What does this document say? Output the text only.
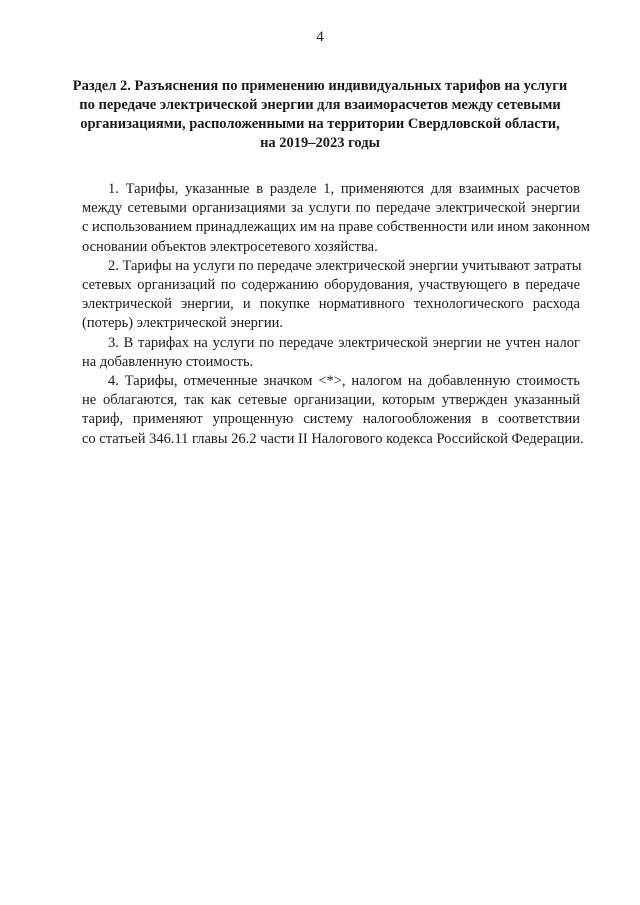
4
Раздел 2. Разъяснения по применению индивидуальных тарифов на услуги
по передаче электрической энергии для взаиморасчетов между сетевыми
организациями, расположенными на территории Свердловской области,
на 2019–2023 годы

1. Тарифы, указанные в разделе 1, применяются для взаимных расчетов
между сетевыми организациями за услуги по передаче электрической энергии
с использованием принадлежащих им на праве собственности или ином законном
основании объектов электросетевого хозяйства.

2. Тарифы на услуги по передаче электрической энергии учитывают затраты
сетевых организаций по содержанию оборудования, участвующего в передаче
электрической энергии, и покупке нормативного технологического расхода
(потерь) электрической энергии.

3. В тарифах на услуги по передаче электрической энергии не учтен налог
на добавленную стоимость.

4. Тарифы, отмеченные значком <*>, налогом на добавленную стоимость
не облагаются, так как сетевые организации, которым утвержден указанный
тариф, применяют упрощенную систему налогообложения в соответствии
со статьей 346.11 главы 26.2 части II Налогового кодекса Российской Федерации.
